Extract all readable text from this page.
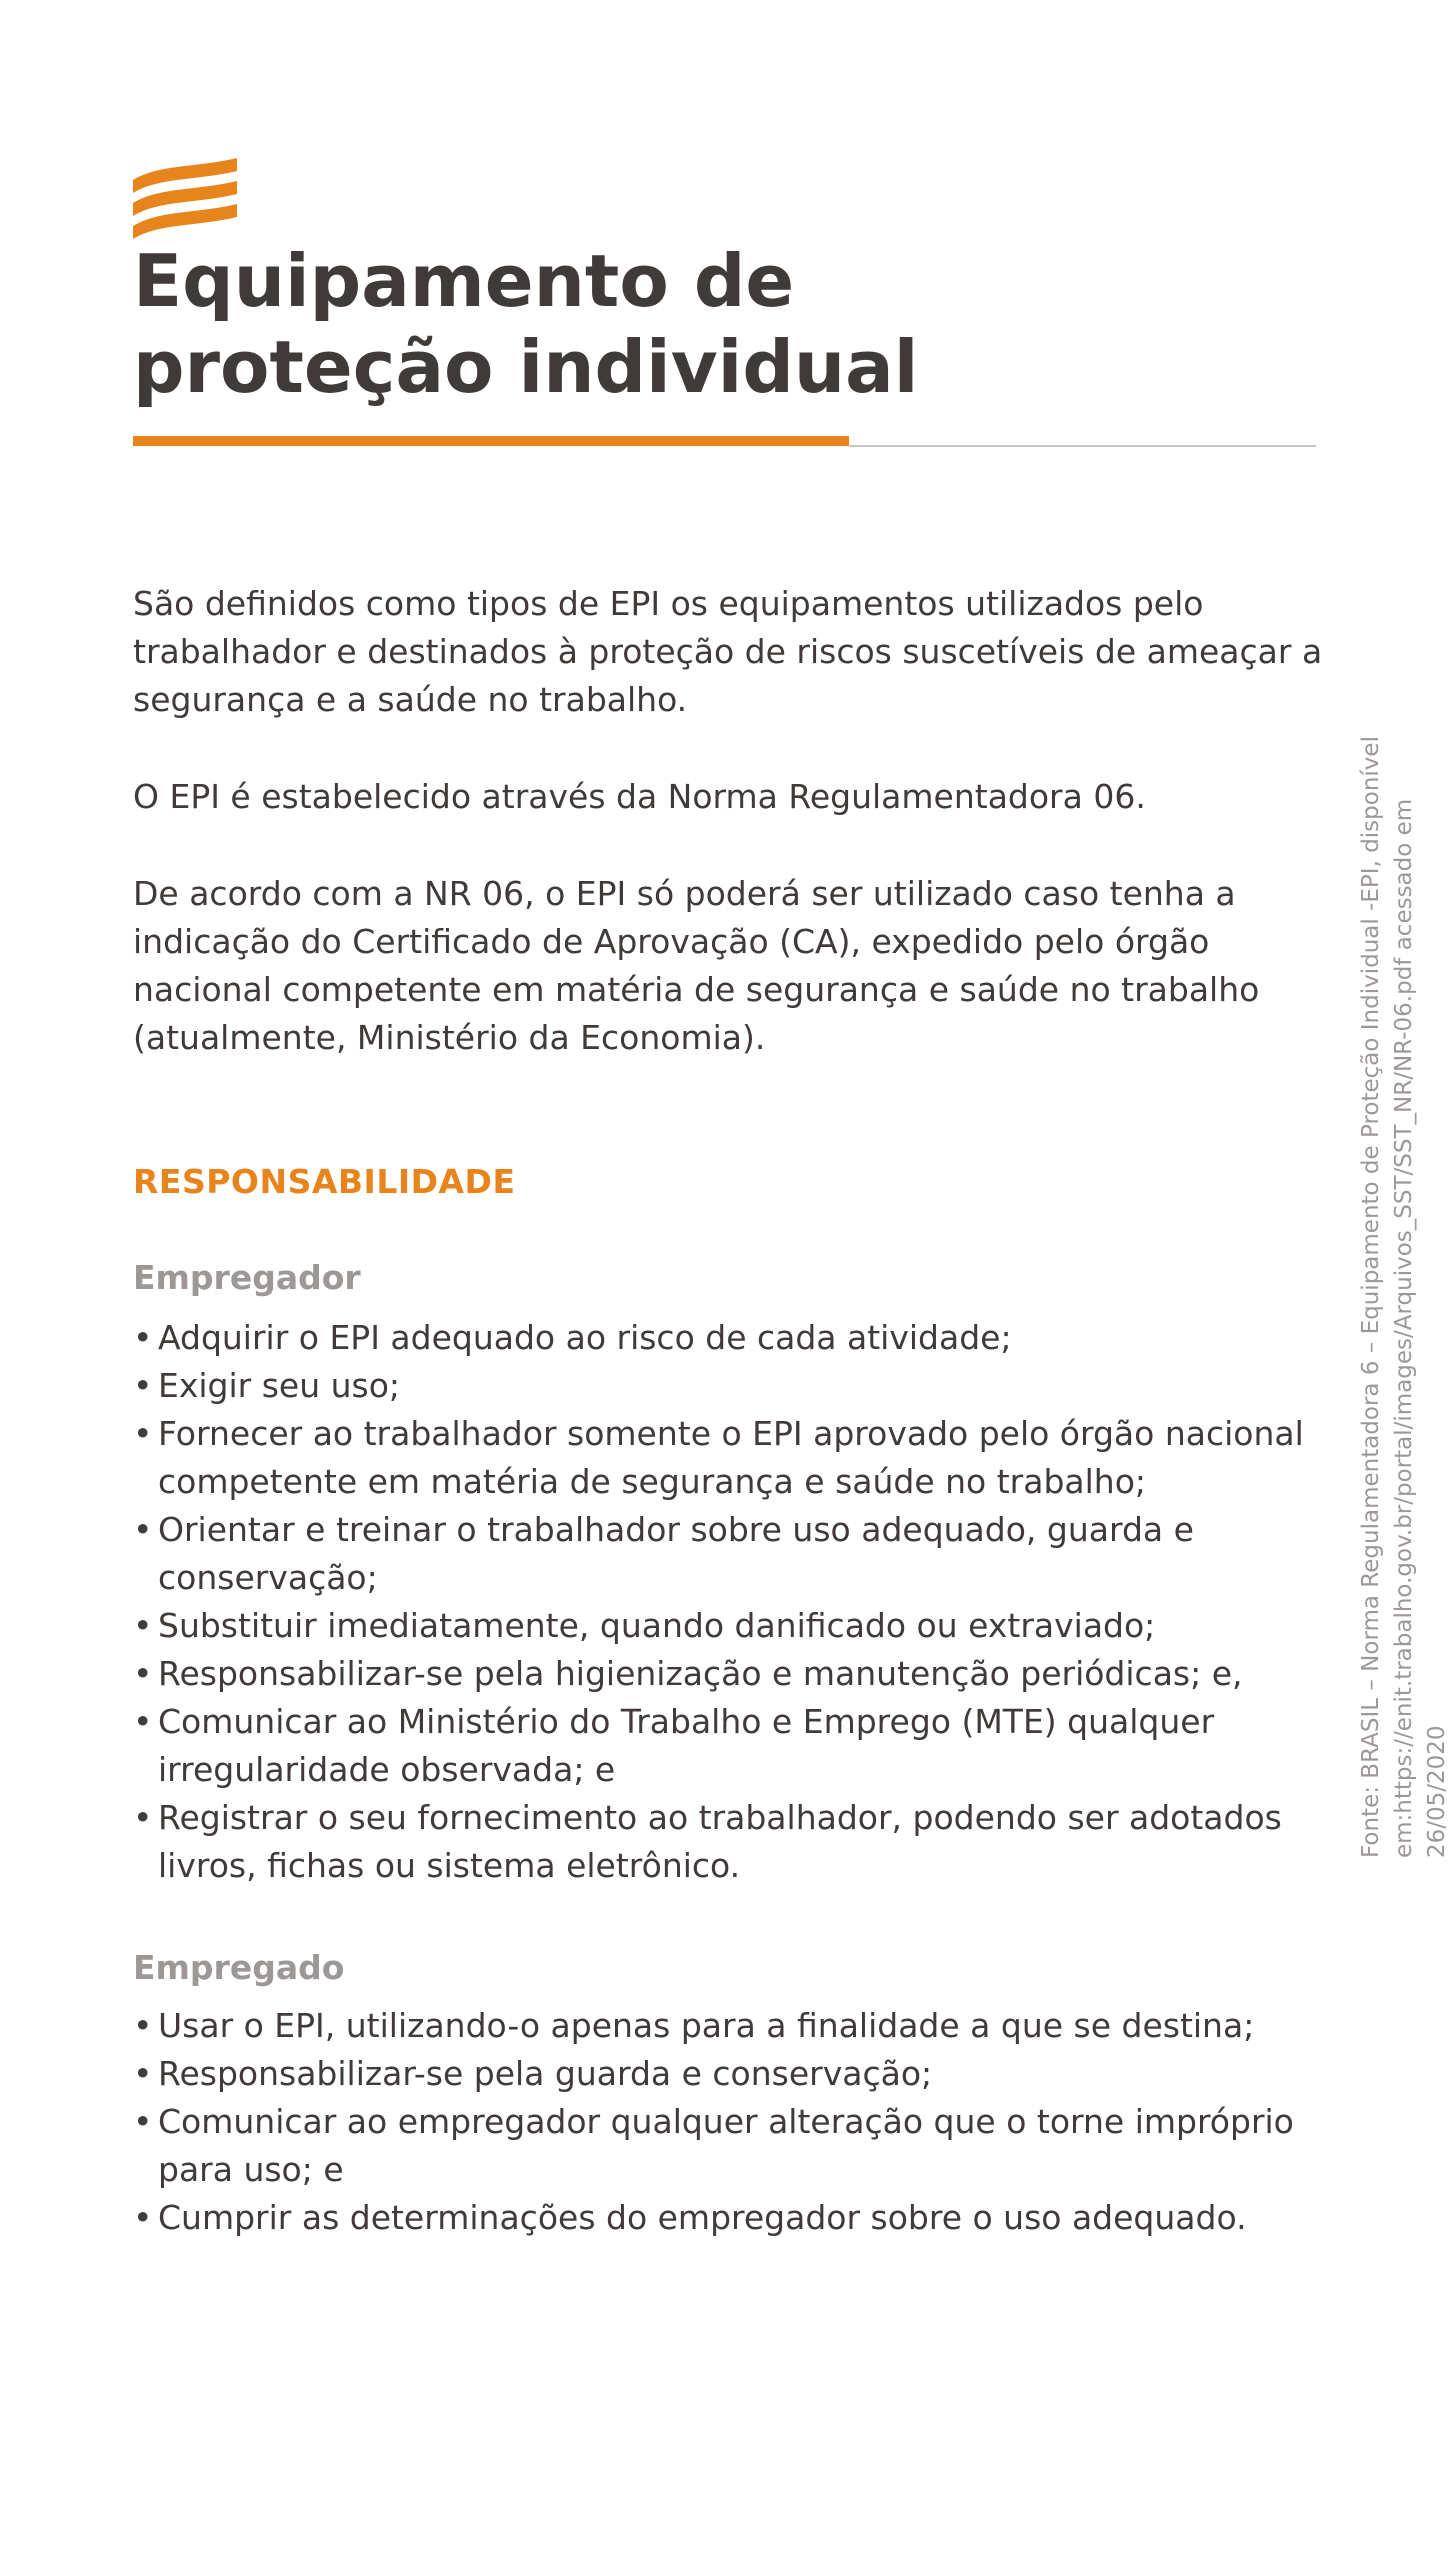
Equipamento de
proteção individual

São definidos como tipos de EPI os equipamentos utilizados pelo trabalhador e destinados à proteção de riscos suscetíveis de ameaçar a segurança e a saúde no trabalho.

O EPI é estabelecido através da Norma Regulamentadora 06.

De acordo com a NR 06, o EPI só poderá ser utilizado caso tenha a indicação do Certificado de Aprovação (CA), expedido pelo órgão nacional competente em matéria de segurança e saúde no trabalho (atualmente, Ministério da Economia).

RESPONSABILIDADE
Empregador
• Adquirir o EPI adequado ao risco de cada atividade;
• Exigir seu uso;
• Fornecer ao trabalhador somente o EPI aprovado pelo órgão nacional competente em matéria de segurança e saúde no trabalho;
• Orientar e treinar o trabalhador sobre uso adequado, guarda e conservação;
• Substituir imediatamente, quando danificado ou extraviado;
• Responsabilizar-se pela higienização e manutenção periódicas; e,
• Comunicar ao Ministério do Trabalho e Emprego (MTE) qualquer irregularidade observada; e
• Registrar o seu fornecimento ao trabalhador, podendo ser adotados livros, fichas ou sistema eletrônico.
Empregado
• Usar o EPI, utilizando-o apenas para a finalidade a que se destina;
• Responsabilizar-se pela guarda e conservação;
• Comunicar ao empregador qualquer alteração que o torne impróprio para uso; e
• Cumprir as determinações do empregador sobre o uso adequado.

Fonte: BRASIL – Norma Regulamentadora 6 – Equipamento de Proteção Individual -EPI, disponível em:https://enit.trabalho.gov.br/portal/images/Arquivos_SST/SST_NR/NR-06.pdf acessado em 26/05/2020
